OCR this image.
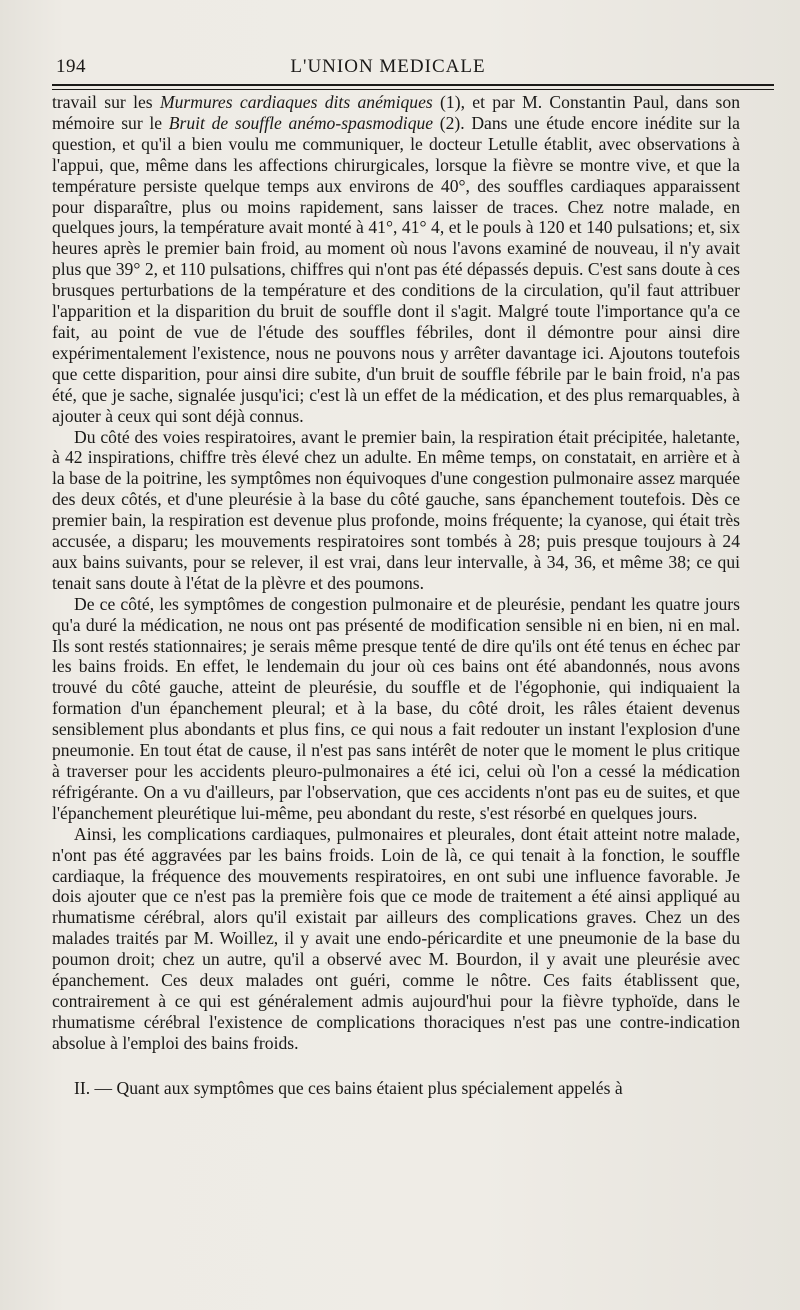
194	L'UNION MEDICALE

travail sur les Murmures cardiaques dits anémiques (1), et par M. Constantin Paul, dans son mémoire sur le Bruit de souffle anémo-spasmodique (2). Dans une étude encore inédite sur la question, et qu'il a bien voulu me communiquer, le docteur Letulle établit, avec observations à l'appui, que, même dans les affections chirurgicales, lorsque la fièvre se montre vive, et que la température persiste quelque temps aux environs de 40°, des souffles cardiaques apparaissent pour disparaître, plus ou moins rapidement, sans laisser de traces. Chez notre malade, en quelques jours, la température avait monté à 41°, 41° 4, et le pouls à 120 et 140 pulsations; et, six heures après le premier bain froid, au moment où nous l'avons examiné de nouveau, il n'y avait plus que 39° 2, et 110 pulsations, chiffres qui n'ont pas été dépassés depuis. C'est sans doute à ces brusques perturbations de la température et des conditions de la circulation, qu'il faut attribuer l'apparition et la disparition du bruit de souffle dont il s'agit. Malgré toute l'importance qu'a ce fait, au point de vue de l'étude des souffles fébriles, dont il démontre pour ainsi dire expérimentalement l'existence, nous ne pouvons nous y arrêter davantage ici. Ajoutons toutefois que cette disparition, pour ainsi dire subite, d'un bruit de souffle fébrile par le bain froid, n'a pas été, que je sache, signalée jusqu'ici; c'est là un effet de la médication, et des plus remarquables, à ajouter à ceux qui sont déjà connus.

Du côté des voies respiratoires, avant le premier bain, la respiration était précipitée, haletante, à 42 inspirations, chiffre très élevé chez un adulte. En même temps, on constatait, en arrière et à la base de la poitrine, les symptômes non équivoques d'une congestion pulmonaire assez marquée des deux côtés, et d'une pleurésie à la base du côté gauche, sans épanchement toutefois. Dès ce premier bain, la respiration est devenue plus profonde, moins fréquente; la cyanose, qui était très accusée, a disparu; les mouvements respiratoires sont tombés à 28; puis presque toujours à 24 aux bains suivants, pour se relever, il est vrai, dans leur intervalle, à 34, 36, et même 38; ce qui tenait sans doute à l'état de la plèvre et des poumons.

De ce côté, les symptômes de congestion pulmonaire et de pleurésie, pendant les quatre jours qu'a duré la médication, ne nous ont pas présenté de modification sensible ni en bien, ni en mal. Ils sont restés stationnaires; je serais même presque tenté de dire qu'ils ont été tenus en échec par les bains froids. En effet, le lendemain du jour où ces bains ont été abandonnés, nous avons trouvé du côté gauche, atteint de pleurésie, du souffle et de l'égophonie, qui indiquaient la formation d'un épanchement pleural; et à la base, du côté droit, les râles étaient devenus sensiblement plus abondants et plus fins, ce qui nous a fait redouter un instant l'explosion d'une pneumonie. En tout état de cause, il n'est pas sans intérêt de noter que le moment le plus critique à traverser pour les accidents pleuro-pulmonaires a été ici, celui où l'on a cessé la médication réfrigérante. On a vu d'ailleurs, par l'observation, que ces accidents n'ont pas eu de suites, et que l'épanchement pleurétique lui-même, peu abondant du reste, s'est résorbé en quelques jours.

Ainsi, les complications cardiaques, pulmonaires et pleurales, dont était atteint notre malade, n'ont pas été aggravées par les bains froids. Loin de là, ce qui tenait à la fonction, le souffle cardiaque, la fréquence des mouvements respiratoires, en ont subi une influence favorable. Je dois ajouter que ce n'est pas la première fois que ce mode de traitement a été ainsi appliqué au rhumatisme cérébral, alors qu'il existait par ailleurs des complications graves. Chez un des malades traités par M. Woillez, il y avait une endo-péricardite et une pneumonie de la base du poumon droit; chez un autre, qu'il a observé avec M. Bourdon, il y avait une pleurésie avec épanchement. Ces deux malades ont guéri, comme le nôtre. Ces faits établissent que, contrairement à ce qui est généralement admis aujourd'hui pour la fièvre typhoïde, dans le rhumatisme cérébral l'existence de complications thoraciques n'est pas une contre-indication absolue à l'emploi des bains froids.

II. — Quant aux symptômes que ces bains étaient plus spécialement appelés à
